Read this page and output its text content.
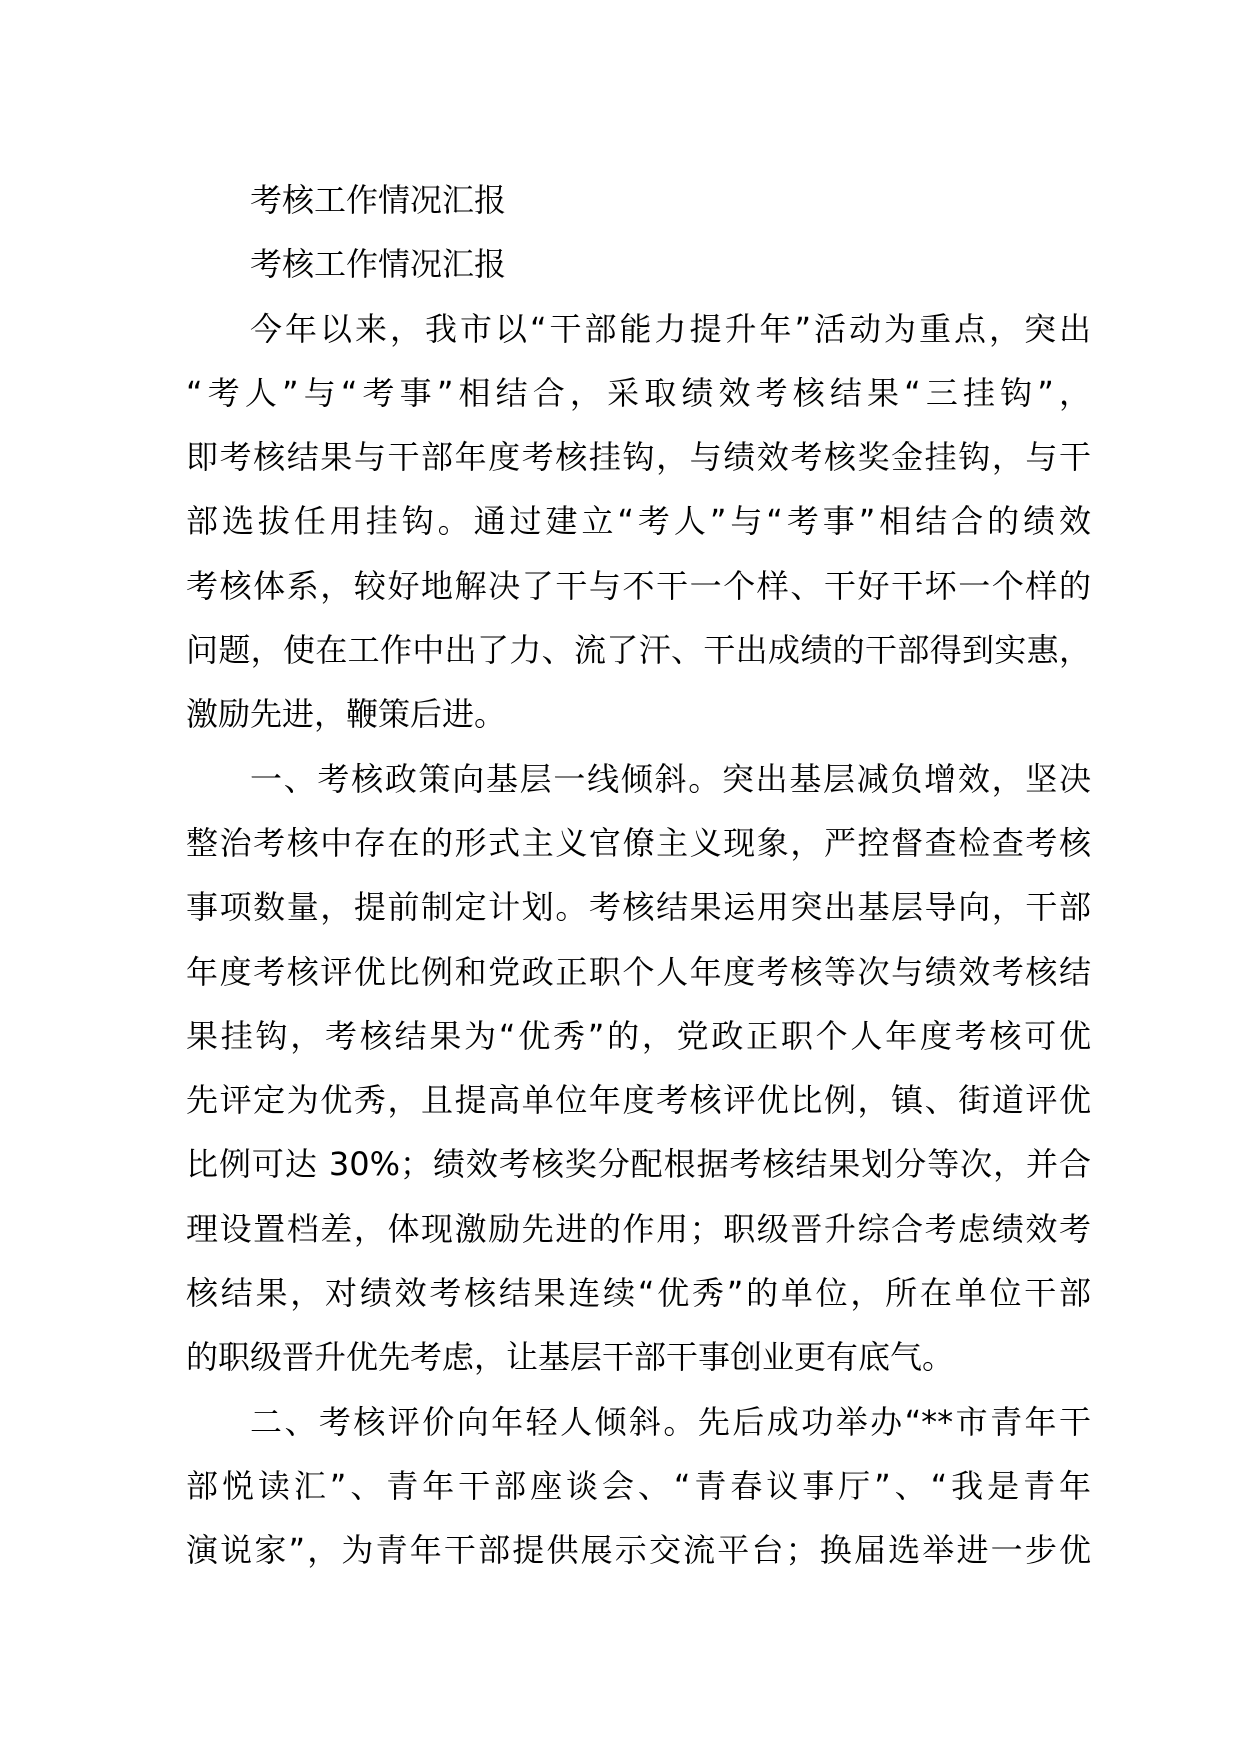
考核工作情况汇报
考核工作情况汇报
今年以来，我市以“干部能力提升年”活动为重点，突出
“考人”与“考事”相结合，采取绩效考核结果“三挂钩”，
即考核结果与干部年度考核挂钩，与绩效考核奖金挂钩，与干
部选拔任用挂钩。通过建立“考人”与“考事”相结合的绩效
考核体系，较好地解决了干与不干一个样、干好干坏一个样的
问题，使在工作中出了力、流了汗、干出成绩的干部得到实惠，
激励先进，鞭策后进。
一、考核政策向基层一线倾斜。突出基层减负增效，坚决
整治考核中存在的形式主义官僚主义现象，严控督查检查考核
事项数量，提前制定计划。考核结果运用突出基层导向，干部
年度考核评优比例和党政正职个人年度考核等次与绩效考核结
果挂钩，考核结果为“优秀”的，党政正职个人年度考核可优
先评定为优秀，且提高单位年度考核评优比例，镇、街道评优
比例可达 30%；绩效考核奖分配根据考核结果划分等次，并合
理设置档差，体现激励先进的作用；职级晋升综合考虑绩效考
核结果，对绩效考核结果连续“优秀”的单位，所在单位干部
的职级晋升优先考虑，让基层干部干事创业更有底气。
二、考核评价向年轻人倾斜。先后成功举办“**市青年干
部悦读汇”、青年干部座谈会、“青春议事厅”、“我是青年
演说家”，为青年干部提供展示交流平台；换届选举进一步优
